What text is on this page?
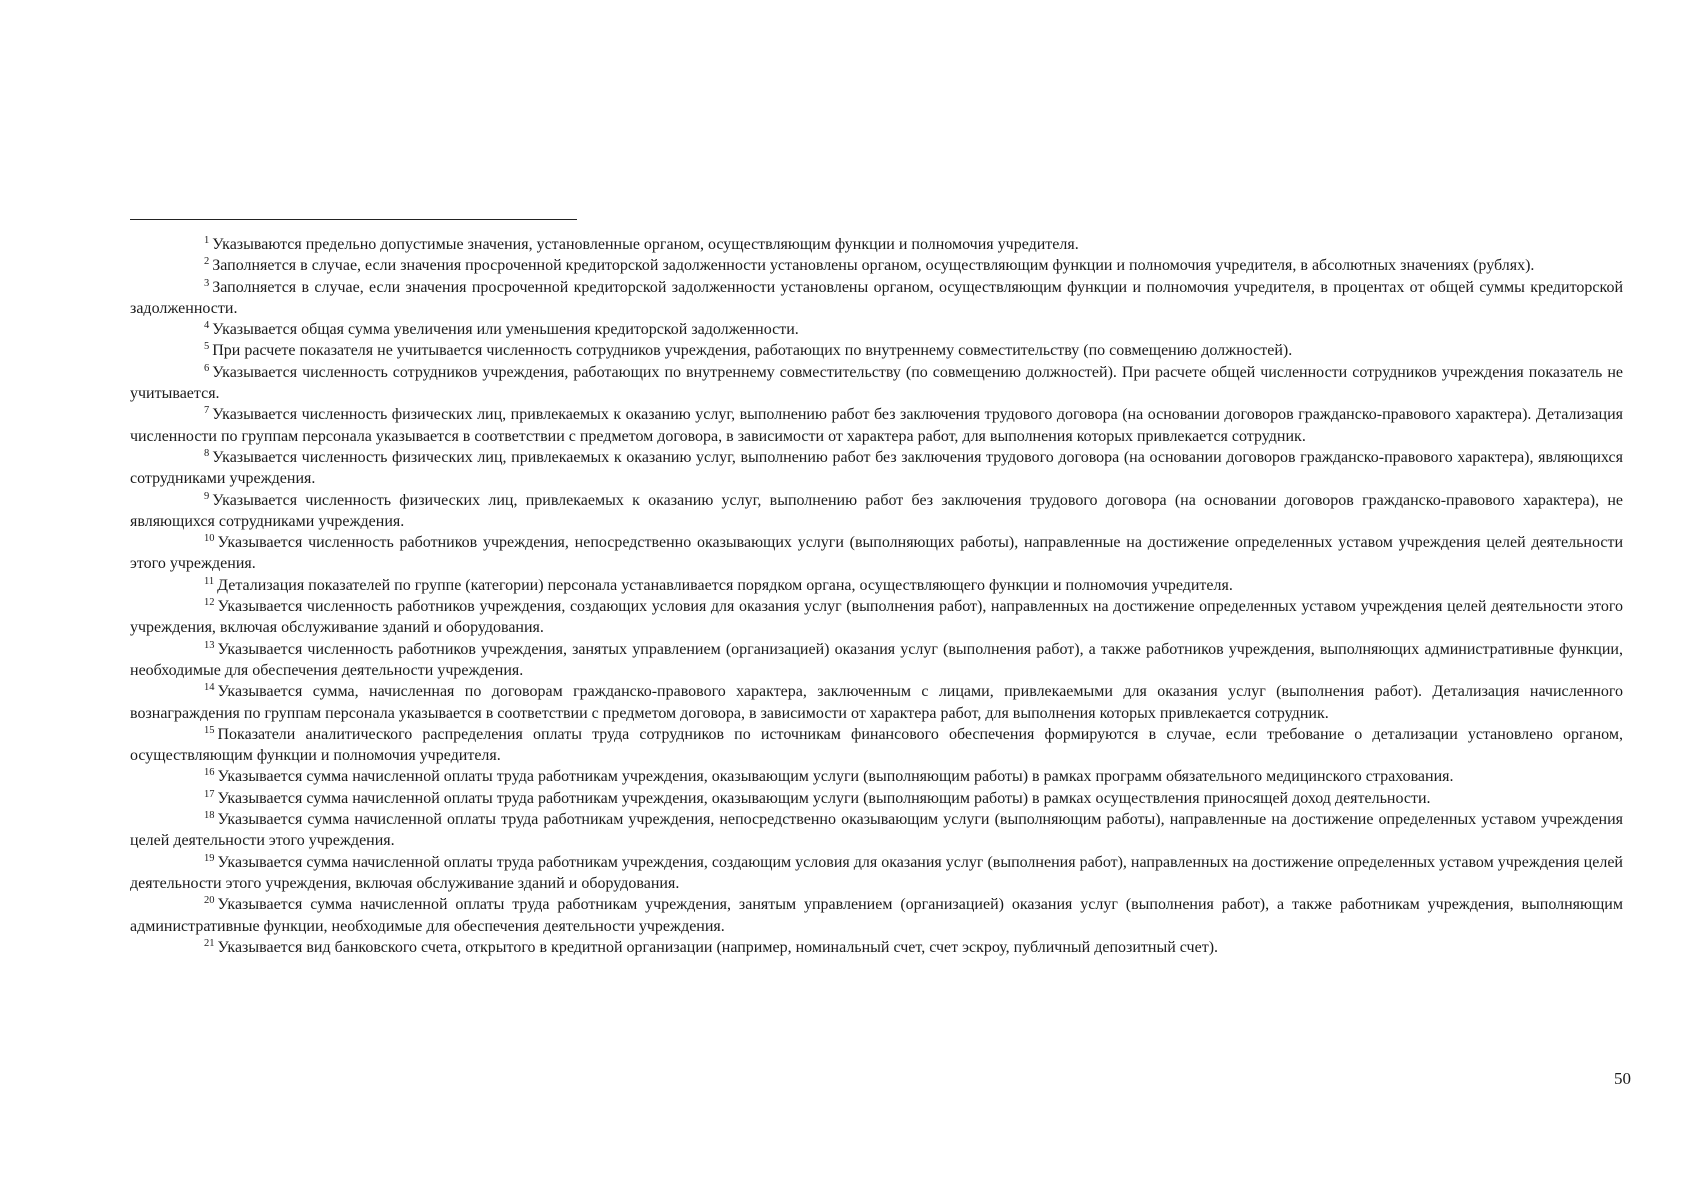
$^1$ Указываются предельно допустимые значения, установленные органом, осуществляющим функции и полномочия учредителя.

$^2$ Заполняется в случае, если значения просроченной кредиторской задолженности установлены органом, осуществляющим функции и полномочия учредителя, в абсолютных значениях (рублях).

$^3$ Заполняется в случае, если значения просроченной кредиторской задолженности установлены органом, осуществляющим функции и полномочия учредителя, в процентах от общей суммы кредиторской задолженности.

$^4$ Указывается общая сумма увеличения или уменьшения кредиторской задолженности.

$^5$ При расчете показателя не учитывается численность сотрудников учреждения, работающих по внутреннему совместительству (по совмещению должностей).

$^6$ Указывается численность сотрудников учреждения, работающих по внутреннему совместительству (по совмещению должностей). При расчете общей численности сотрудников учреждения показатель не учитывается.

$^7$ Указывается численность физических лиц, привлекаемых к оказанию услуг, выполнению работ без заключения трудового договора (на основании договоров гражданско-правового характера). Детализация численности по группам персонала указывается в соответствии с предметом договора, в зависимости от характера работ, для выполнения которых привлекается сотрудник.

$^8$ Указывается численность физических лиц, привлекаемых к оказанию услуг, выполнению работ без заключения трудового договора (на основании договоров гражданско-правового характера), являющихся сотрудниками учреждения.

$^9$ Указывается численность физических лиц, привлекаемых к оказанию услуг, выполнению работ без заключения трудового договора (на основании договоров гражданско-правового характера), не являющихся сотрудниками учреждения.

$^{10}$ Указывается численность работников учреждения, непосредственно оказывающих услуги (выполняющих работы), направленные на достижение определенных уставом учреждения целей деятельности этого учреждения.

$^{11}$ Детализация показателей по группе (категории) персонала устанавливается порядком органа, осуществляющего функции и полномочия учредителя.

$^{12}$ Указывается численность работников учреждения, создающих условия для оказания услуг (выполнения работ), направленных на достижение определенных уставом учреждения целей деятельности этого учреждения, включая обслуживание зданий и оборудования.

$^{13}$ Указывается численность работников учреждения, занятых управлением (организацией) оказания услуг (выполнения работ), а также работников учреждения, выполняющих административные функции, необходимые для обеспечения деятельности учреждения.

$^{14}$ Указывается сумма, начисленная по договорам гражданско-правового характера, заключенным с лицами, привлекаемыми для оказания услуг (выполнения работ). Детализация начисленного вознаграждения по группам персонала указывается в соответствии с предметом договора, в зависимости от характера работ, для выполнения которых привлекается сотрудник.

$^{15}$ Показатели аналитического распределения оплаты труда сотрудников по источникам финансового обеспечения формируются в случае, если требование о детализации установлено органом, осуществляющим функции и полномочия учредителя.

$^{16}$ Указывается сумма начисленной оплаты труда работникам учреждения, оказывающим услуги (выполняющим работы) в рамках программ обязательного медицинского страхования.

$^{17}$ Указывается сумма начисленной оплаты труда работникам учреждения, оказывающим услуги (выполняющим работы) в рамках осуществления приносящей доход деятельности.

$^{18}$ Указывается сумма начисленной оплаты труда работникам учреждения, непосредственно оказывающим услуги (выполняющим работы), направленные на достижение определенных уставом учреждения целей деятельности этого учреждения.

$^{19}$ Указывается сумма начисленной оплаты труда работникам учреждения, создающим условия для оказания услуг (выполнения работ), направленных на достижение определенных уставом учреждения целей деятельности этого учреждения, включая обслуживание зданий и оборудования.

$^{20}$ Указывается сумма начисленной оплаты труда работникам учреждения, занятым управлением (организацией) оказания услуг (выполнения работ), а также работникам учреждения, выполняющим административные функции, необходимые для обеспечения деятельности учреждения.

$^{21}$ Указывается вид банковского счета, открытого в кредитной организации (например, номинальный счет, счет эскроу, публичный депозитный счет).

50
